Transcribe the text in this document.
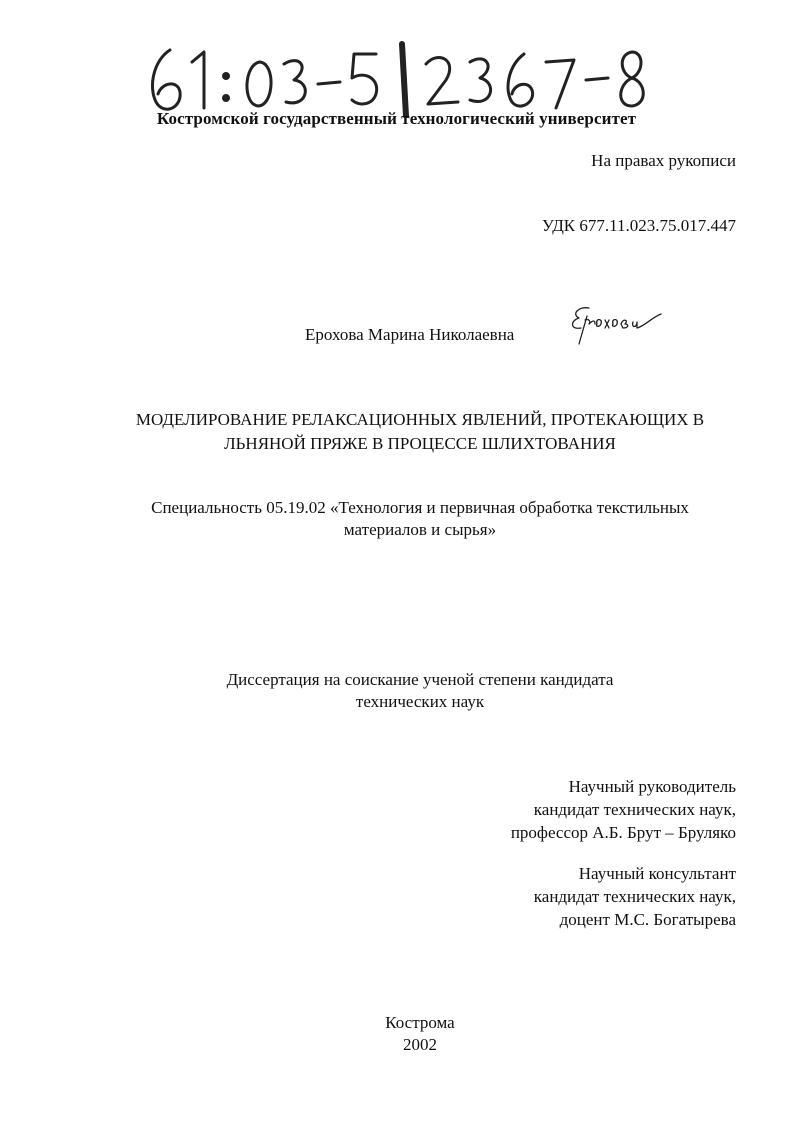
Костромской государственный технологический университет
На правах рукописи
УДК 677.11.023.75.017.447
Ерохова Марина Николаевна
МОДЕЛИРОВАНИЕ РЕЛАКСАЦИОННЫХ ЯВЛЕНИЙ, ПРОТЕКАЮЩИХ В
ЛЬНЯНОЙ ПРЯЖЕ В ПРОЦЕССЕ ШЛИХТОВАНИЯ
Специальность 05.19.02 «Технология и первичная обработка текстильных
материалов и сырья»
Диссертация на соискание ученой степени кандидата
технических наук
Научный руководитель
кандидат технических наук,
профессор А.Б. Брут – Бруляко
Научный консультант
кандидат технических наук,
доцент М.С. Богатырева
Кострома
2002
